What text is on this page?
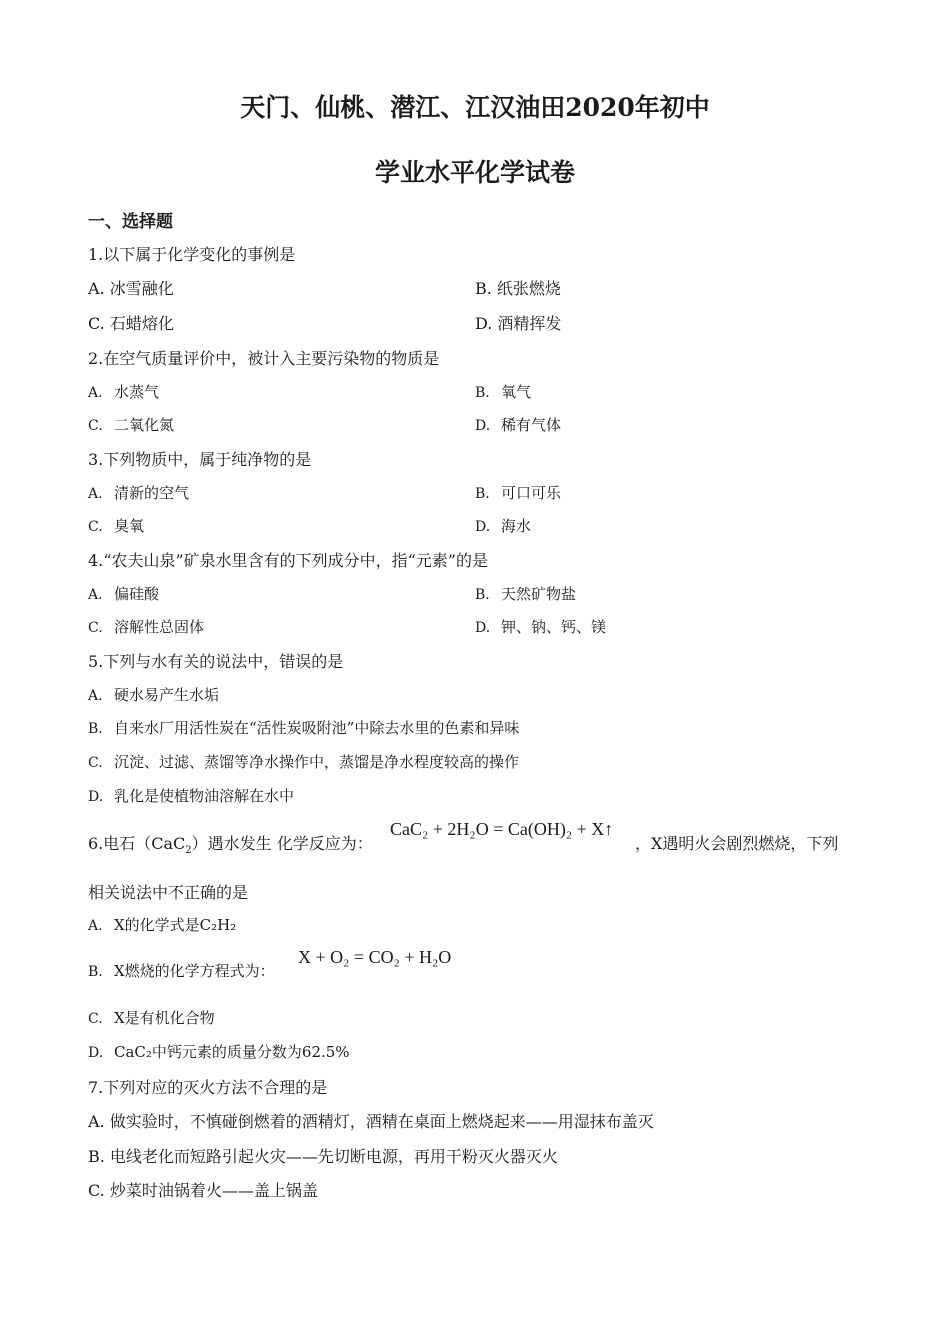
天门、仙桃、潜江、江汉油田2020年初中
学业水平化学试卷
一、选择题
1.以下属于化学变化的事例是
A. 冰雪融化	B. 纸张燃烧
C. 石蜡熔化	D. 酒精挥发
2.在空气质量评价中，被计入主要污染物的物质是
A. 水蒸气	B. 氧气
C. 二氧化氮	D. 稀有气体
3.下列物质中，属于纯净物的是
A. 清新的空气	B. 可口可乐
C. 臭氧	D. 海水
4.“农夫山泉”矿泉水里含有的下列成分中，指“元素”的是
A. 偏硅酸	B. 天然矿物盐
C. 溶解性总固体	D. 钾、钠、钙、镁
5.下列与水有关的说法中，错误的是
A. 硬水易产生水垢
B. 自来水厂用活性炭在“活性炭吸附池”中除去水里的色素和异味
C. 沉淀、过滤、蒸馏等净水操作中，蒸馏是净水程度较高的操作
D. 乳化是使植物油溶解在水中
6.电石（CaC$_2$）遇水发生 化学反应为：
CaC₂ + 2H₂O = Ca(OH)₂ + X↑
，X遇明火会剧烈燃烧，下列
相关说法中不正确的是
A. X的化学式是C₂H₂
B. X燃烧的化学方程式为：
X + O₂ = CO₂ + H₂O
C. X是有机化合物
D. CaC₂中钙元素的质量分数为62.5%
7.下列对应的灭火方法不合理的是
A. 做实验时，不慎碰倒燃着的酒精灯，酒精在桌面上燃烧起来——用湿抹布盖灭
B. 电线老化而短路引起火灾——先切断电源，再用干粉灭火器灭火
C. 炒菜时油锅着火——盖上锅盖
